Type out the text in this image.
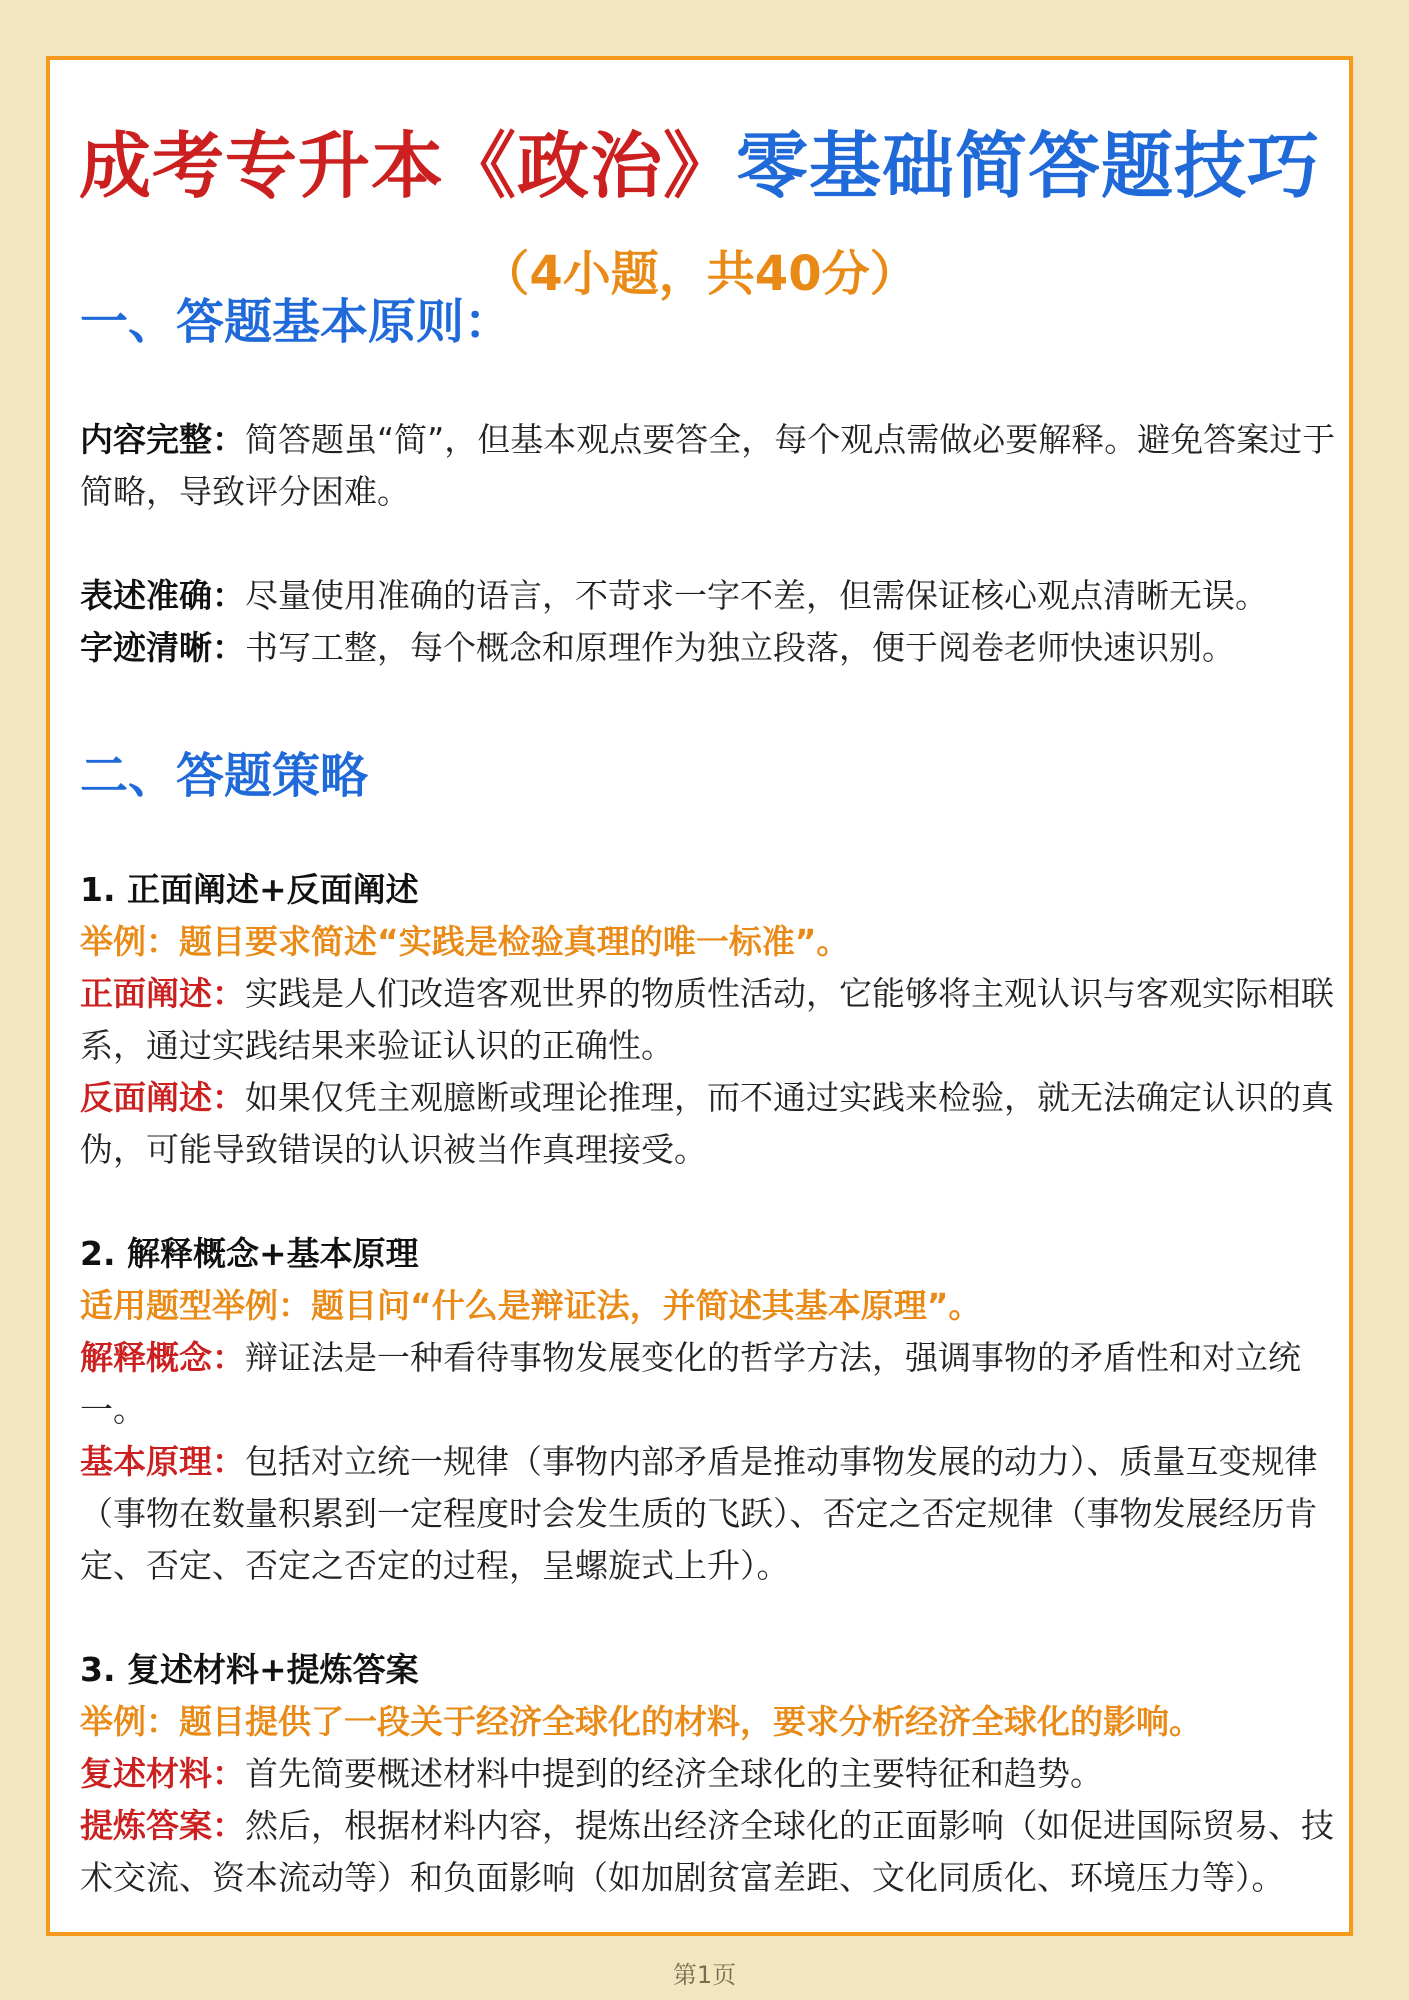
成考专升本《政治》零基础简答题技巧
（4小题，共40分）
一、答题基本原则：
内容完整：简答题虽“简”，但基本观点要答全，每个观点需做必要解释。避免答案过于简略，导致评分困难。
表述准确：尽量使用准确的语言，不苛求一字不差，但需保证核心观点清晰无误。
字迹清晰：书写工整，每个概念和原理作为独立段落，便于阅卷老师快速识别。
二、答题策略
1. 正面阐述+反面阐述
举例：题目要求简述“实践是检验真理的唯一标准”。
正面阐述：实践是人们改造客观世界的物质性活动，它能够将主观认识与客观实际相联系，通过实践结果来验证认识的正确性。
反面阐述：如果仅凭主观臆断或理论推理，而不通过实践来检验，就无法确定认识的真伪，可能导致错误的认识被当作真理接受。
2. 解释概念+基本原理
适用题型举例：题目问“什么是辩证法，并简述其基本原理”。
解释概念：辩证法是一种看待事物发展变化的哲学方法，强调事物的矛盾性和对立统一。
基本原理：包括对立统一规律（事物内部矛盾是推动事物发展的动力）、质量互变规律（事物在数量积累到一定程度时会发生质的飞跃）、否定之否定规律（事物发展经历肯定、否定、否定之否定的过程，呈螺旋式上升）。
3. 复述材料+提炼答案
举例：题目提供了一段关于经济全球化的材料，要求分析经济全球化的影响。
复述材料：首先简要概述材料中提到的经济全球化的主要特征和趋势。
提炼答案：然后，根据材料内容，提炼出经济全球化的正面影响（如促进国际贸易、技术交流、资本流动等）和负面影响（如加剧贫富差距、文化同质化、环境压力等）。
第1页
